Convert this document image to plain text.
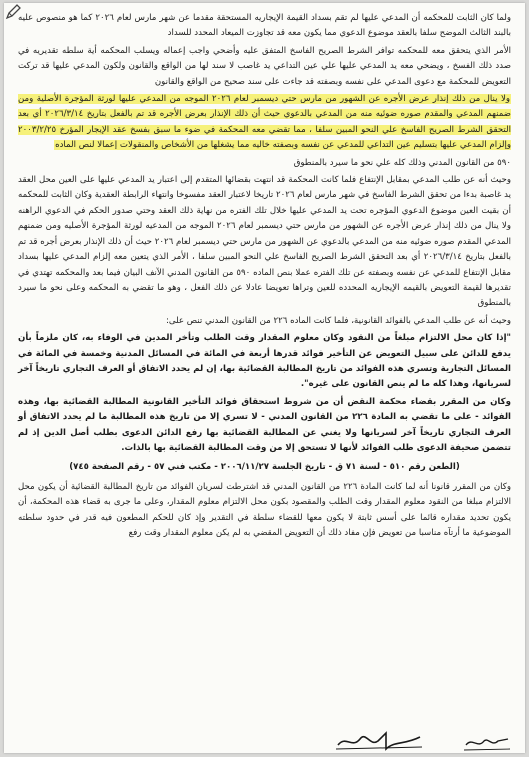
ولما كان الثابت للمحكمه أن المدعي عليها لم تقم بسداد القيمة الإيجاريه المستحقة مقدما عن شهر مارس لعام ٢٠٢٦ كما هو منصوص عليه بالبند الثالث الموضح سلفا بالعقد موضوع الدعوي مما يكون معه قد تجاوزت الميعاد المحدد للسداد

الأمر الذي يتحقق معه للمحكمه توافر الشرط الصريح الفاسخ المتفق عليه وأضحي واجب إعماله ويسلب المحكمه أية سلطه تقديريه في صدد ذلك الفسخ ، ويضحي معه يد المدعي عليها علي عين التداعي يد غاصب لا سند لها من الواقع والقانون ولكون المدعي عليها قد تركت التعويض للمحكمة مع دعوى المدعي على نفسه وبصفته قد جاءت على سند صحيح من الواقع والقانون

ولا ينال من ذلك إنذار عرض الأجره عن الشهور من مارس حتي ديسمبر لعام ٢٠٢٦ الموجه من المدعي عليها لورثة المؤجرة الأصلية ومن ضمنهم المدعي والمقدم صوره ضوئيه منه من المدعي بالدعوي حيث أن ذلك الإنذار بعرض الأجره قد تم بالفعل بتاريخ ٢٠٢٦/٣/١٤ أي بعد التحقق الشرط الصريح الفاسخ علي النحو المبين سلفا ، مما تقضي معه المحكمة في ضوء ما سبق بفسخ عقد الإيجار المؤرخ ٢٠٠٣/٢/٢٥ وإلزام المدعي عليها بتسليم عين التداعي للمدعي عن نفسه وبصفته خاليه مما يشغلها من الأشخاص والمنقولات إعمالا لنص الماده

٥٩٠ من القانون المدني وذلك كله علي نحو ما سيرد بالمنطوق

وحيث أنه عن طلب المدعي بمقابل الإنتفاع فلما كانت المحكمة قد انتهت بقضائها المتقدم إلى اعتبار يد المدعي عليها على العين محل العقد يد غاصبة بدءا من تحقق الشرط الفاسخ في شهر مارس لعام ٢٠٢٦ تاريخا لاعتبار العقد مفسوخا وانتهاء الرابطة العقدية وكان الثابت للمحكمه أن بقيت العين موضوع الدعوي المؤجره تحت يد المدعي عليها خلال تلك الفتره من نهاية ذلك العقد وحتي صدور الحكم في الدعوي الراهنه ولا ينال من ذلك إنذار عرض الأجره عن الشهور من مارس حتي ديسمبر لعام ٢٠٢٦ الموجه من المدعيه لورثة المؤجرة الأصليه ومن ضمنهم المدعي المقدم صوره ضوئيه منه من المدعي بالدعوي عن الشهور من مارس حتي ديسمبر لعام ٢٠٢٦ حيث أن ذلك الإنذار بعرض أجره قد تم بالفعل بتاريخ ٢٠٢٦/٣/١٤ أي بعد التحقق الشرط الصريح الفاسخ علي النحو المبين سلفا ، الأمر الذي يتعين معه إلزام المدعي عليها بسداد مقابل الإنتفاع للمدعي عن نفسه وبصفته عن تلك الفتره عملا بنص الماده ٥٩٠ من القانون المدني الآنف البيان فيما بعد والمحكمه تهتدي في تقديرها لقيمة التعويض بالقيمه الإيجاريه المحدده للعين وتراها تعويضا عادلا عن ذلك الفعل ، وهو ما تقضي به المحكمه وعلى نحو ما سيرد بالمنطوق

وحيث أنه عن طلب المدعي بالفوائد القانونية، فلما كانت الماده ٢٢٦ من القانون المدني تنص على:

"إذا كان محل الالتزام مبلغاً من النقود وكان معلوم المقدار وقت الطلب وتأخر المدين في الوفاء به، كان ملزماً بأن يدفع للدائن على سبيل التعويض عن التأخير فوائد قدرها أربعة في المائة في المسائل المدنية وخمسة في المائة في المسائل التجارية وتسري هذه الفوائد من تاريخ المطالبة القضائية بها، إن لم يحدد الاتفاق أو العرف التجاري تاريخاً آخر لسريانها، وهذا كله ما لم ينص القانون على غيره".

وكان من المقرر بقضاء محكمة النقض أن من شروط استحقاق فوائد التأخير القانونية المطالبة القضائية بها، وهذه الفوائد - على ما تقضي به المادة ٢٢٦ من القانون المدني - لا تسري إلا من تاريخ هذه المطالبة ما لم يحدد الاتفاق أو العرف التجاري تاريخاً آخر لسريانها ولا يغني عن المطالبة القضائية بها رفع الدائن الدعوى بطلب أصل الدين إذ لم تتضمن صحيفة الدعوى طلب الفوائد لأنها لا تستحق إلا من وقت المطالبة القضائية بها بالذات.

(الطعن رقم ٥١٠ - لسنة ٧١ ق - تاريخ الجلسة ٢٠٠٦/١١/٢٧ - مكتب فني ٥٧ - رقم الصفحة ٧٤٥)

وكان من المقرر قانونا أنه لما كانت المادة ٢٢٦ من القانون المدني قد اشترطت لسريان الفوائد من تاريخ المطالبة القضائية أن يكون محل الالتزام مبلغا من النقود معلوم المقدار وقت الطلب والمقصود بكون محل الالتزام معلوم المقدار، وعلى ما جرى به قضاء هذه المحكمة، أن يكون تحديد مقداره قائما على أسس ثابتة لا يكون معها للقضاء سلطة في التقدير وإذ كان للحكم المطعون فيه قدر في حدود سلطته الموضوعية ما أرتآه مناسبا من تعويض فإن مفاد ذلك أن التعويض المقضي به لم يكن معلوم المقدار وقت رفع
